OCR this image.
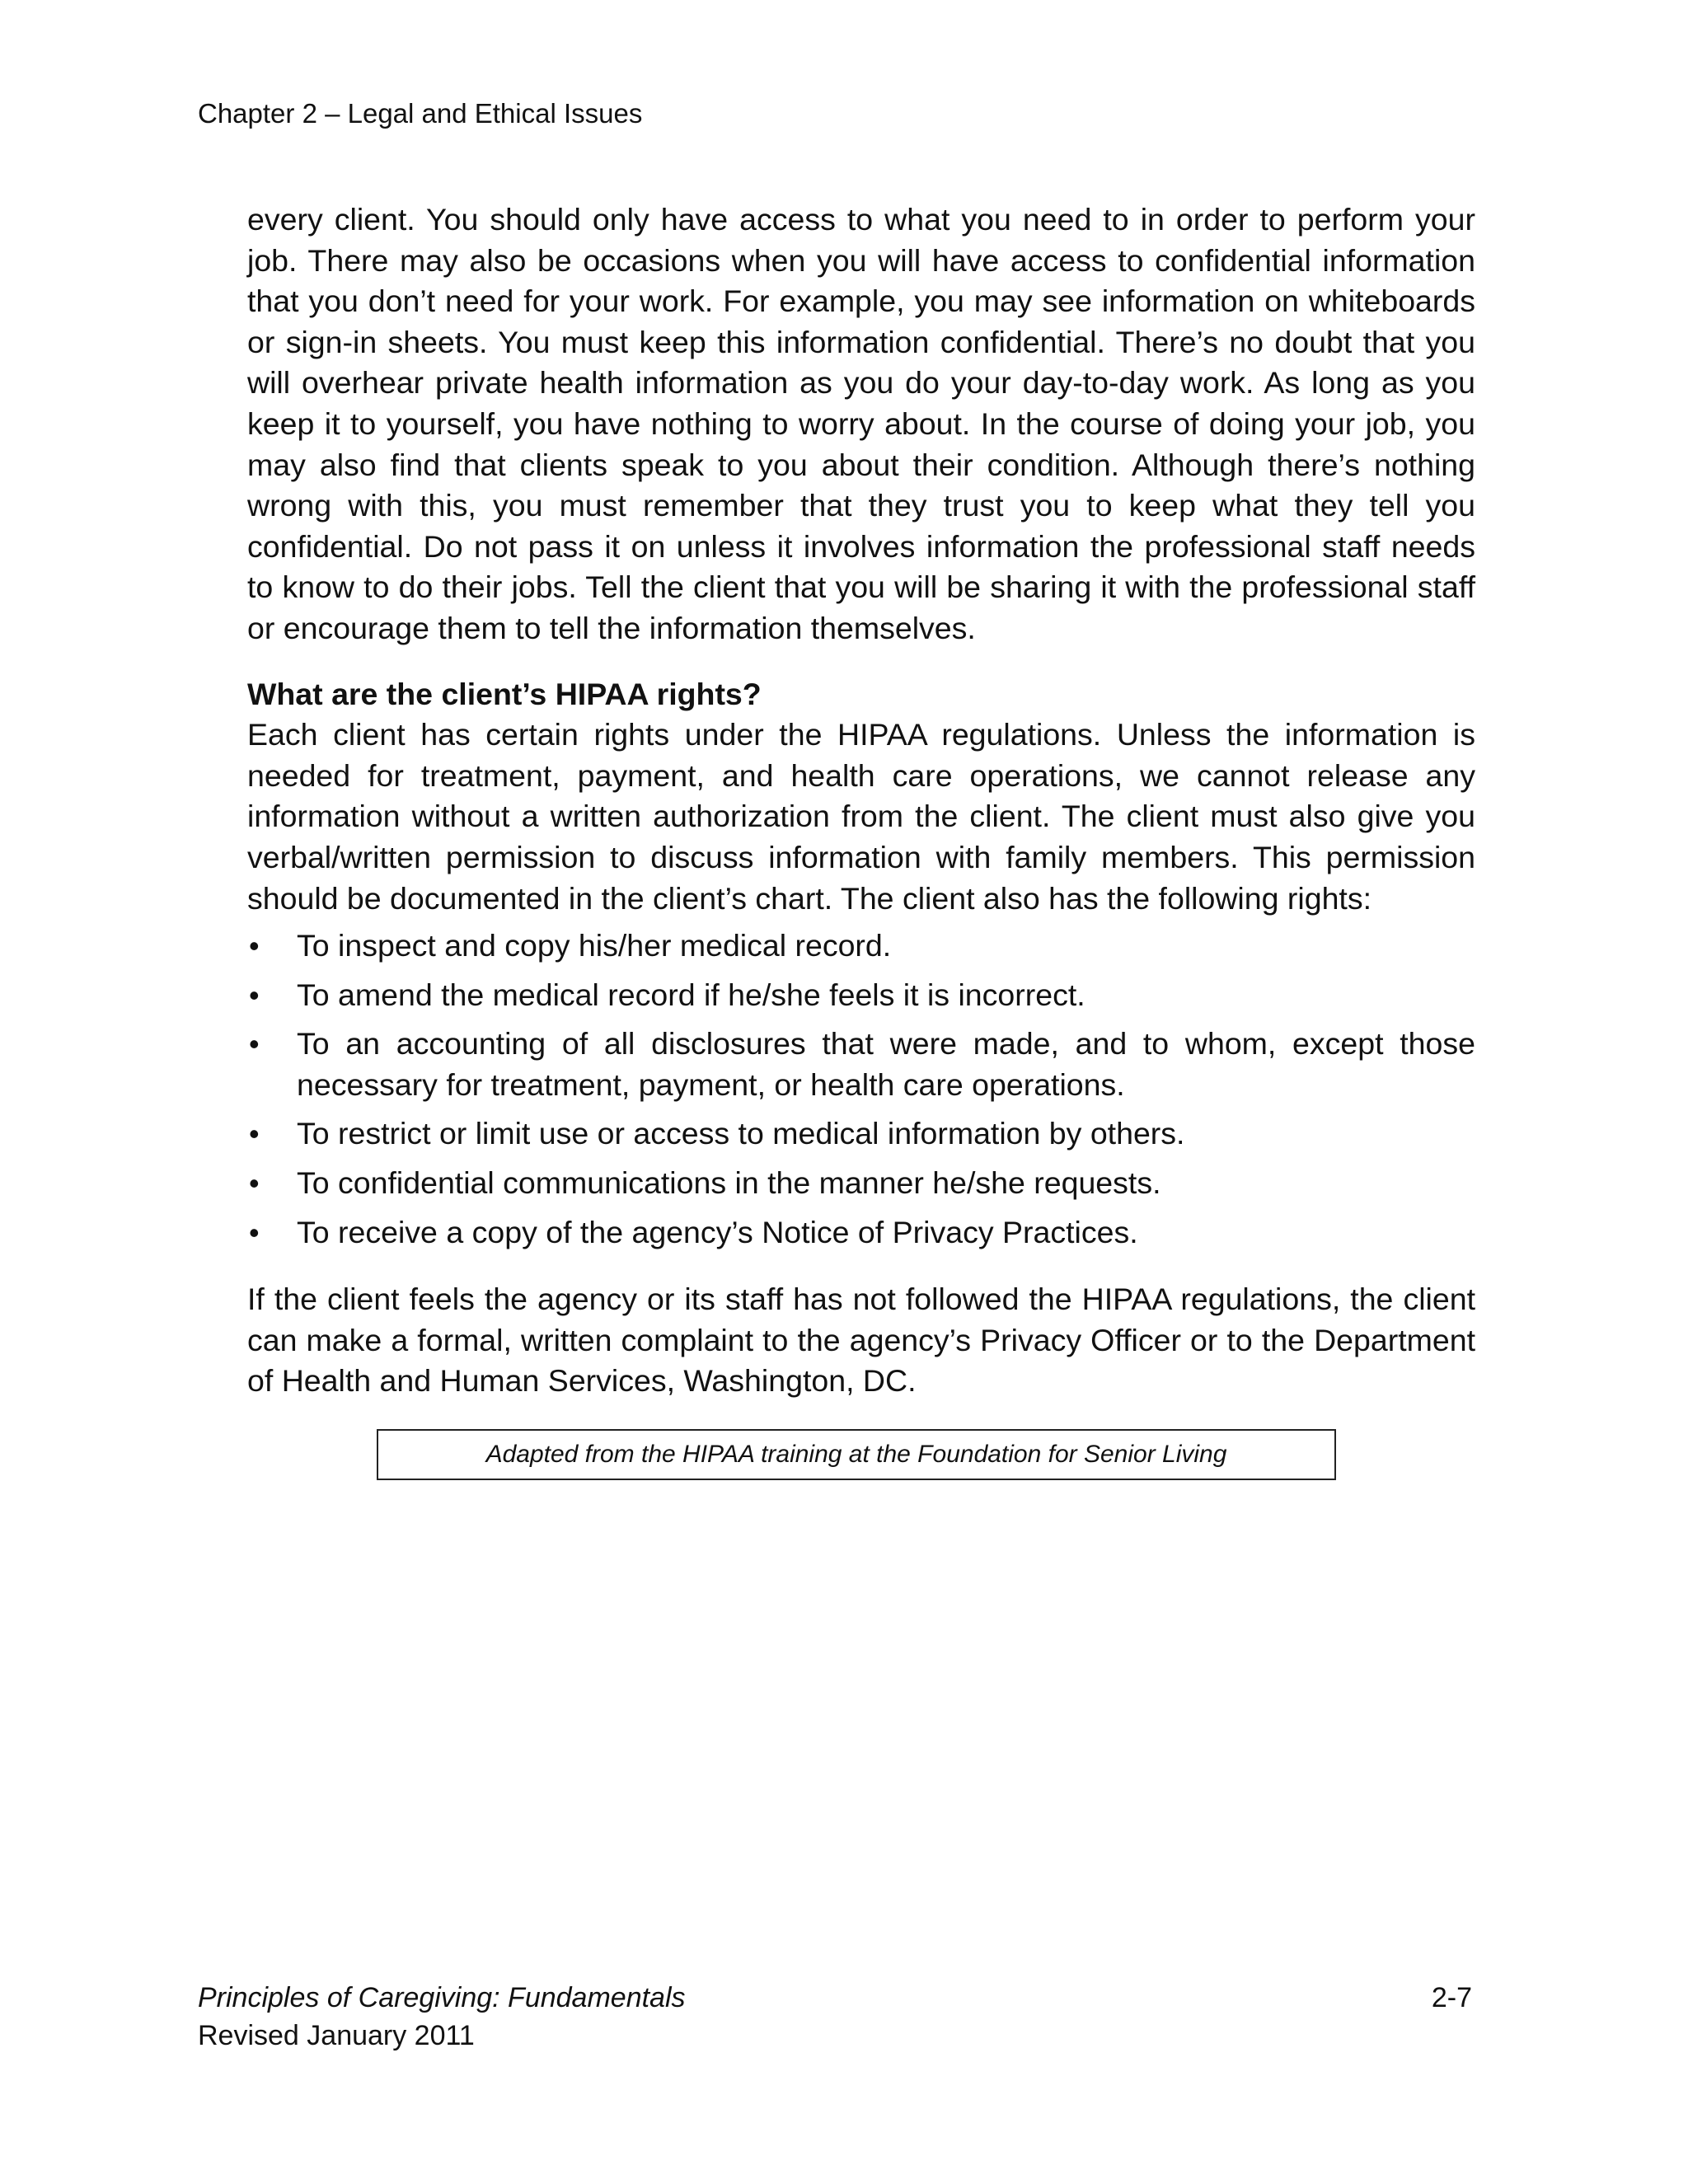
Chapter 2 – Legal and Ethical Issues

every client. You should only have access to what you need to in order to perform your job. There may also be occasions when you will have access to confidential information that you don’t need for your work. For example, you may see information on whiteboards or sign-in sheets. You must keep this information confidential. There’s no doubt that you will overhear private health information as you do your day-to-day work. As long as you keep it to yourself, you have nothing to worry about. In the course of doing your job, you may also find that clients speak to you about their condition. Although there’s nothing wrong with this, you must remember that they trust you to keep what they tell you confidential. Do not pass it on unless it involves information the professional staff needs to know to do their jobs. Tell the client that you will be sharing it with the professional staff or encourage them to tell the information themselves.

What are the client’s HIPAA rights?

Each client has certain rights under the HIPAA regulations. Unless the information is needed for treatment, payment, and health care operations, we cannot release any information without a written authorization from the client. The client must also give you verbal/written permission to discuss information with family members. This permission should be documented in the client’s chart. The client also has the following rights:

• To inspect and copy his/her medical record.
• To amend the medical record if he/she feels it is incorrect.
• To an accounting of all disclosures that were made, and to whom, except those necessary for treatment, payment, or health care operations.
• To restrict or limit use or access to medical information by others.
• To confidential communications in the manner he/she requests.
• To receive a copy of the agency’s Notice of Privacy Practices.

If the client feels the agency or its staff has not followed the HIPAA regulations, the client can make a formal, written complaint to the agency’s Privacy Officer or to the Department of Health and Human Services, Washington, DC.

Adapted from the HIPAA training at the Foundation for Senior Living
Principles of Caregiving: Fundamentals	2-7
Revised January 2011
